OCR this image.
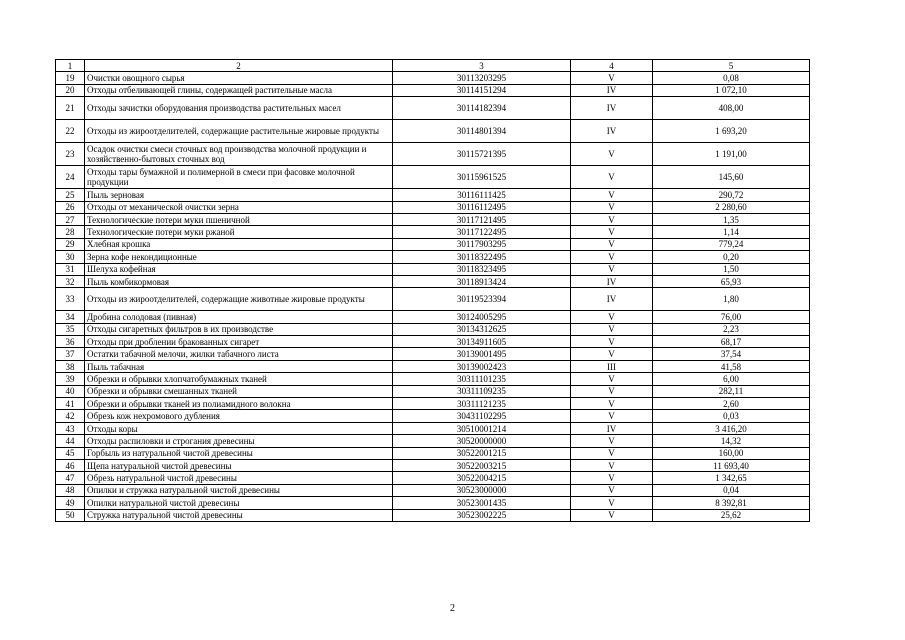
1	2	3	4	5
19	Очистки овощного сырья	30113203295	V	0,08
20	Отходы отбеливающей глины, содержащей растительные масла	30114151294	IV	1 072,10
21	Отходы зачистки оборудования производства растительных масел	30114182394	IV	408,00
22	Отходы из жироотделителей, содержащие растительные жировые продукты	30114801394	IV	1 693,20
23	Осадок очистки смеси сточных вод производства молочной продукции и хозяйственно-бытовых сточных вод	30115721395	V	1 191,00
24	Отходы тары бумажной и полимерной в смеси при фасовке молочной продукции	30115961525	V	145,60
25	Пыль зерновая	30116111425	V	290,72
26	Отходы от механической очистки зерна	30116112495	V	2 280,60
27	Технологические потери муки пшеничной	30117121495	V	1,35
28	Технологические потери муки ржаной	30117122495	V	1,14
29	Хлебная крошка	30117903295	V	779,24
30	Зерна кофе некондиционные	30118322495	V	0,20
31	Шелуха кофейная	30118323495	V	1,50
32	Пыль комбикормовая	30118913424	IV	65,93
33	Отходы из жироотделителей, содержащие животные жировые продукты	30119523394	IV	1,80
34	Дробина солодовая (пивная)	30124005295	V	76,00
35	Отходы сигаретных фильтров в их производстве	30134312625	V	2,23
36	Отходы при дроблении бракованных сигарет	30134911605	V	68,17
37	Остатки табачной мелочи, жилки табачного листа	30139001495	V	37,54
38	Пыль табачная	30139002423	III	41,58
39	Обрезки и обрывки хлопчатобумажных тканей	30311101235	V	6,00
40	Обрезки и обрывки смешанных тканей	30311109235	V	282,11
41	Обрезки и обрывки тканей из полиамидного волокна	30311121235	V	2,60
42	Обрезь кож нехромового дубления	30431102295	V	0,03
43	Отходы коры	30510001214	IV	3 416,20
44	Отходы распиловки и строгания древесины	30520000000	V	14,32
45	Горбыль из натуральной чистой древесины	30522001215	V	160,00
46	Щепа натуральной чистой древесины	30522003215	V	11 693,40
47	Обрезь натуральной чистой древесины	30522004215	V	1 342,65
48	Опилки и стружка натуральной чистой древесины	30523000000	V	0,04
49	Опилки натуральной чистой древесины	30523001435	V	8 392,81
50	Стружка натуральной чистой древесины	30523002225	V	25,62
2
